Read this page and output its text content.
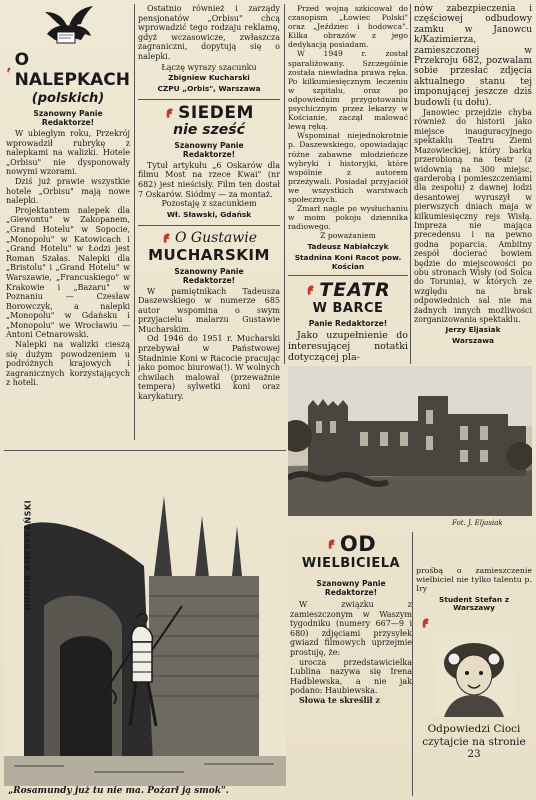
O NALEPKACH
(polskich)
Szanowny Panie Redaktorze!

W ubiegłym roku, Przekrój wprowadził rubrykę z nalepkami na walizki. Hotele „Orbisu" nie dysponowały nowymi wzorami.

Dziś już prawie wszystkie hotele „Orbisu" mają nowe nalepki.

Projektantem nalepek dla „Giewontu" w Zakopanem, „Grand Hotelu" w Sopocie, „Monopolu" w Katowicach i „Grand Hotelu" w Łodzi jest Roman Szałas. Nalepki dla „Bristolu" i „Grand Hotelu" w Warszawie, „Francuskiego" w Krakowie i „Bazaru" w Poznaniu — Czesław Borowczyk, a nalepki „Monopolu" w Gdańsku i „Monopolu" we Wrocławiu — Antoni Cetnarowski.

Nalepki na walizki cieszą się dużym powodzeniem u podróżnych krajowych i zagranicznych korzystających z hoteli.

Ostatnio również i zarządy pensjonatów „Orbisu" chcą wprowadzić tego rodzaju reklamę, gdyż wczasowicze, zwłaszcza zagraniczni, dopytują się o nalepki.

Łączę wyrazy szacunku

Zbigniew Kucharski
CZPU „Orbis", Warszawa
SIEDEM
nie sześć
Szanowny Panie Redaktorze!

Tytuł artykułu „6 Oskarów dla filmu Most na rzece Kwai" (nr 682) jest nieścisły. Film ten dostał 7 Oskarów. Siódmy — za montaż.

Pozostaję z szacunkiem

Wł. Sławski, Gdańsk
O Gustawie
MUCHARSKIM
Szanowny Panie Redaktorze!

W pamiętnikach Tadeusza Daszewskiego w numerze 685 autor wspomina o swym przyjacielu malarzu Gustawie Mucharskim.

Od 1946 do 1951 r. Mucharski przebywał w Państwowej Stadninie Koni w Racocie pracując jako pomoc biurowa(!). W wolnych chwilach malował (przeważnie tempera) sylwetki koni oraz karykatury.

Przed wojną szkicował do czasopism „Łowiec Polski" oraz „Jeździec i hodowca". Kilka obrazów z jego dedykacją posiadam.

W 1949 r. został sparaliżowany. Szczególnie została niewładna prawa ręka. Po kilkumiesięcznym leczeniu w szpitalu, oraz po odpowiednim przygotowaniu psychicznym przez lekarzy w Kościanie, zaczął malować lewą ręką.

Wspominał niejednokrotnie p. Daszewskiego, opowiadając różne zabawne młodzieńcze wybryki i historyjki, które wspólnie z autorem przeżywali. Posiadał przyjaciół we wszystkich warstwach społecznych.

Zmarł nagle po wysłuchaniu w moim pokoju dziennika radiowego.

Z poważaniem

Tadeusz Nabiałczyk
Stadnina Koni Racot pow. Kościan
TEATR
W BARCE
Panie Redaktorze!

Jako uzupełnienie do interesującej notatki dotyczącej pla-

nów zabezpieczenia i częściowej odbudowy zamku w Janowcu k/Kazimierza, zamieszczonej w Przekroju 682, pozwalam sobie przesłać zdjęcia aktualnego stanu tej imponującej jeszcze dziś budowli (u dołu).

Janowiec przejdzie chyba również do historii jako miejsce inauguracyjnego spektaklu Teatru Ziemi Mazowieckiej, który barką przerobioną na teatr (z widownią na 300 miejsc, garderobą i pomieszczeniami dla zespołu) z dawnej łodzi desantowej wyruszył w pierwszych dniach maja w kilkumiesięczny rejs Wisłą. Impreza nie mająca precedensu i na pewno godna poparcia. Ambitny zespół docierać bowiem będzie do miejscowości po obu stronach Wisły (od Solca do Torunia), w których ze względu na brak odpowiednich sal nie ma żadnych innych możliwości zorganizowania spektaklu.

Jerzy Eljasiak
Warszawa
Fot. J. Eljasiak
HUMOR AMERYKAŃSKI
„Rosamundy już tu nie ma. Pożarł ją smok".
OD
WIELBICIELA
Szanowny Panie Redaktorze!

W związku z zamieszczonym w Waszym tygodniku (numery 667—9 i 680) zdjęciami przysyłek gwiazd filmowych uprzejmie prostuję, że:

urocza przedstawicielka Lublina nazywa się Irena Hadblewska, a nie jak podano: Haubiewska.

Słowa te skreślił z

prośbą o zamieszczenie wielbiciel nie tylko talentu p. Iry

Student Stefan z Warszawy
Odpowiedzi Cioci czytajcie na stronie 23
